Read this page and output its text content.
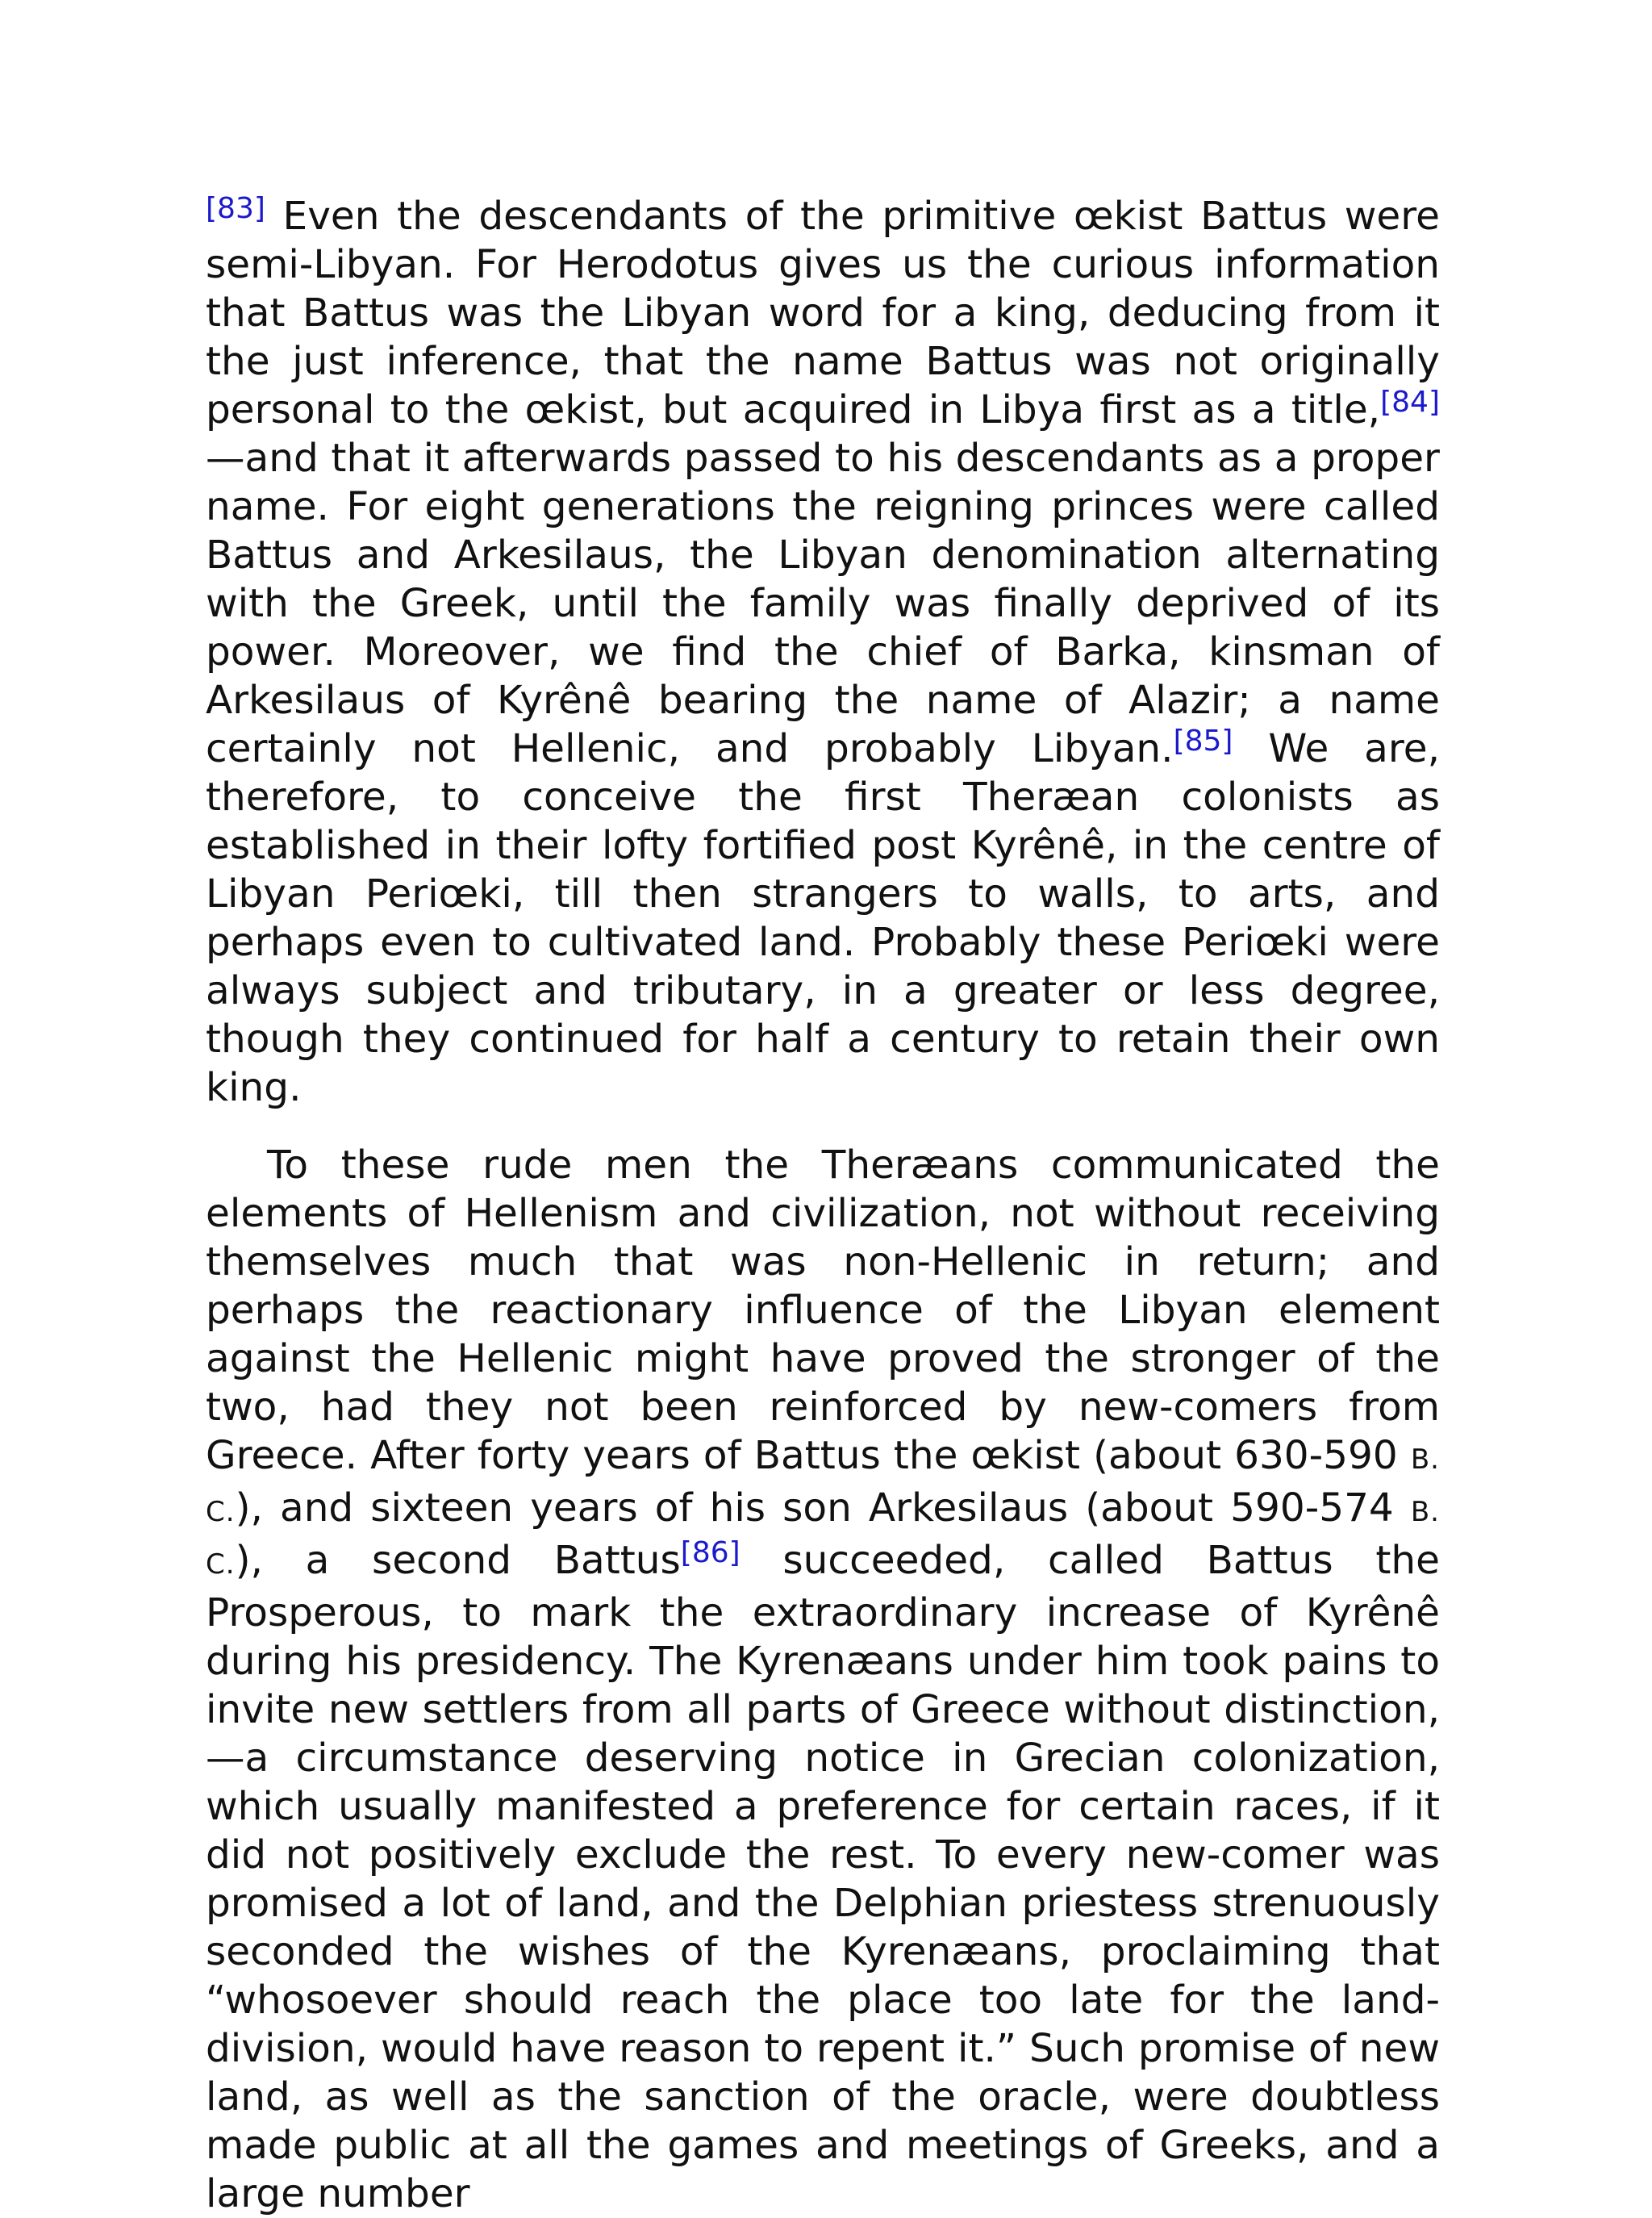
[83] Even the descendants of the primitive œkist Battus were semi-Libyan. For Herodotus gives us the curious information that Battus was the Libyan word for a king, deducing from it the just inference, that the name Battus was not originally personal to the œkist, but acquired in Libya first as a title,[84]—and that it afterwards passed to his descendants as a proper name. For eight generations the reigning princes were called Battus and Arkesilaus, the Libyan denomination alternating with the Greek, until the family was finally deprived of its power. Moreover, we find the chief of Barka, kinsman of Arkesilaus of Kyrênê bearing the name of Alazir; a name certainly not Hellenic, and probably Libyan.[85] We are, therefore, to conceive the first Theræan colonists as established in their lofty fortified post Kyrênê, in the centre of Libyan Periœki, till then strangers to walls, to arts, and perhaps even to cultivated land. Probably these Periœki were always subject and tributary, in a greater or less degree, though they continued for half a century to retain their own king.

To these rude men the Theræans communicated the elements of Hellenism and civilization, not without receiving themselves much that was non-Hellenic in return; and perhaps the reactionary influence of the Libyan element against the Hellenic might have proved the stronger of the two, had they not been reinforced by new-comers from Greece. After forty years of Battus the œkist (about 630-590 B. C.), and sixteen years of his son Arkesilaus (about 590-574 B. C.), a second Battus[86] succeeded, called Battus the Prosperous, to mark the extraordinary increase of Kyrênê during his presidency. The Kyrenæans under him took pains to invite new settlers from all parts of Greece without distinction,—a circumstance deserving notice in Grecian colonization, which usually manifested a preference for certain races, if it did not positively exclude the rest. To every new-comer was promised a lot of land, and the Delphian priestess strenuously seconded the wishes of the Kyrenæans, proclaiming that “whosoever should reach the place too late for the land-division, would have reason to repent it.” Such promise of new land, as well as the sanction of the oracle, were doubtless made public at all the games and meetings of Greeks, and a large number
